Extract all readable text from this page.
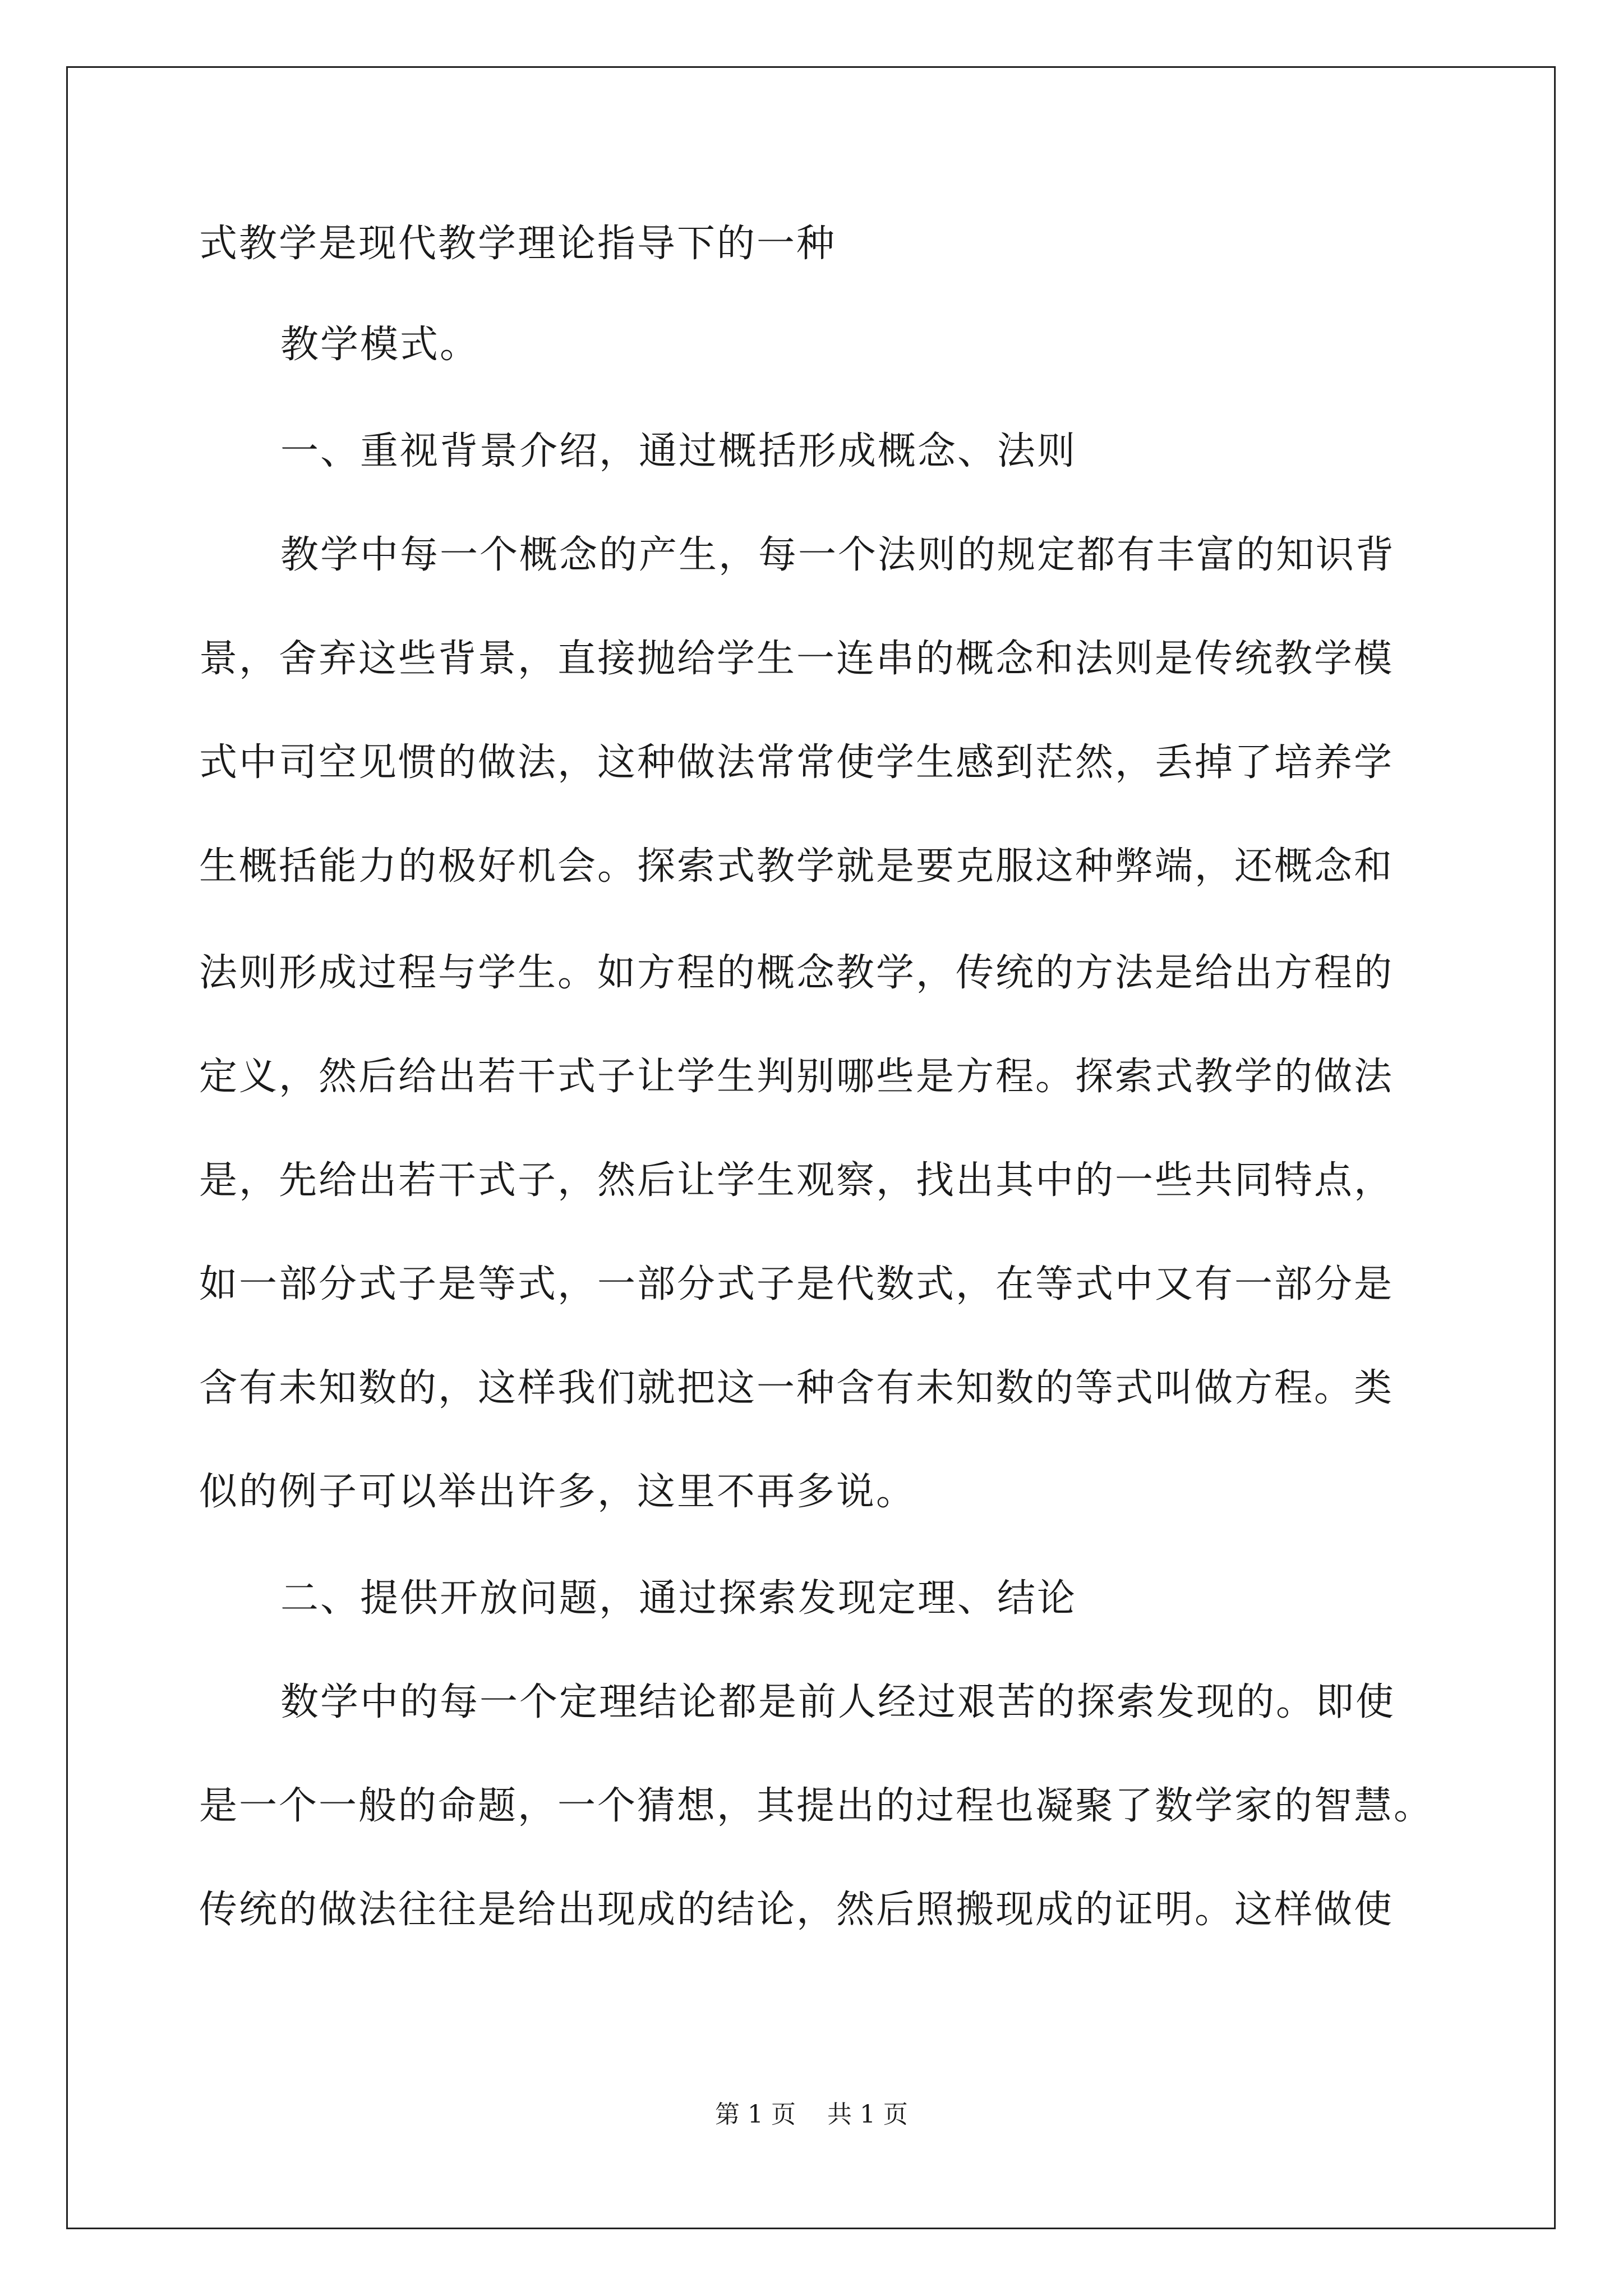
式教学是现代教学理论指导下的一种

教学模式。

一、重视背景介绍，通过概括形成概念、法则

教学中每一个概念的产生，每一个法则的规定都有丰富的知识背

景，舍弃这些背景，直接抛给学生一连串的概念和法则是传统教学模

式中司空见惯的做法，这种做法常常使学生感到茫然，丢掉了培养学

生概括能力的极好机会。探索式教学就是要克服这种弊端，还概念和

法则形成过程与学生。如方程的概念教学，传统的方法是给出方程的

定义，然后给出若干式子让学生判别哪些是方程。探索式教学的做法

是，先给出若干式子，然后让学生观察，找出其中的一些共同特点，

如一部分式子是等式，一部分式子是代数式，在等式中又有一部分是

含有未知数的，这样我们就把这一种含有未知数的等式叫做方程。类

似的例子可以举出许多，这里不再多说。

二、提供开放问题，通过探索发现定理、结论

数学中的每一个定理结论都是前人经过艰苦的探索发现的。即使

是一个一般的命题，一个猜想，其提出的过程也凝聚了数学家的智慧。

传统的做法往往是给出现成的结论，然后照搬现成的证明。这样做使

第 1 页    共 1 页
